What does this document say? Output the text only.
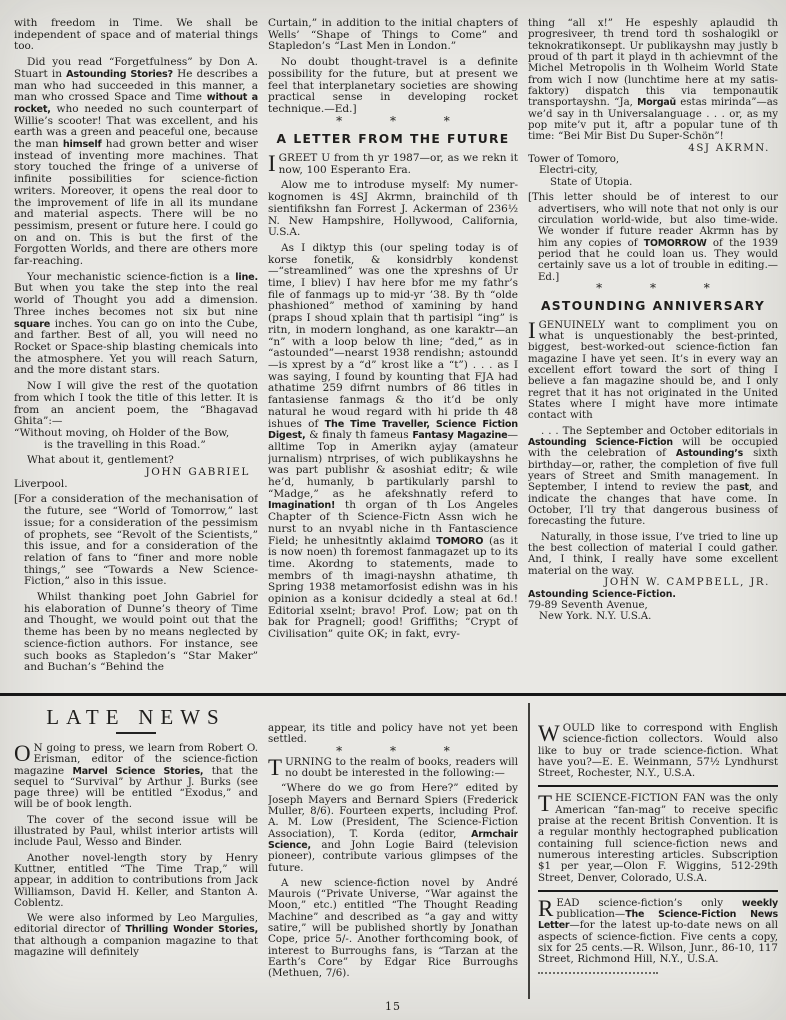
with freedom in Time. We shall be independent of space and of material things too.

Did you read “Forgetfulness” by Don A. Stuart in Astounding Stories? He describes a man who had succeeded in this manner, a man who crossed Space and Time without a rocket, who needed no such counterpart of Willie’s scooter! That was excellent, and his earth was a green and peaceful one, because the man himself had grown better and wiser instead of inventing more machines. That story touched the fringe of a universe of infinite possibilities for science-fiction writers. Moreover, it opens the real door to the improvement of life in all its mundane and material aspects. There will be no pessimism, present or future here. I could go on and on. This is but the first of the Forgotten Worlds, and there are others more far-reaching.

Your mechanistic science-fiction is a line. But when you take the step into the real world of Thought you add a dimension. Three inches becomes not six but nine square inches. You can go on into the Cube, and farther. Best of all, you will need no Rocket or Space-ship blasting chemicals into the atmosphere. Yet you will reach Saturn, and the more distant stars.

Now I will give the rest of the quotation from which I took the title of this letter. It is from an ancient poem, the “Bhagavad Ghita”:—

“Without moving, oh Holder of the Bow,

is the travelling in this Road.”

What about it, gentlement?

JOHN GABRIEL

Liverpool.

[For a consideration of the mechanisation of the future, see “World of Tomorrow,” last issue; for a consideration of the pessimism of prophets, see “Revolt of the Scientists,” this issue, and for a consideration of the relation of fans to “finer and more noble things,” see “Towards a New Science-Fiction,” also in this issue.

Whilst thanking poet John Gabriel for his elaboration of Dunne’s theory of Time and Thought, we would point out that the theme has been by no means neglected by science-fiction authors. For instance, see such books as Stapledon’s “Star Maker” and Buchan’s “Behind the

Curtain,” in addition to the initial chapters of Wells’ “Shape of Things to Come” and Stapledon’s “Last Men in London.”

No doubt thought-travel is a definite possibility for the future, but at present we feel that interplanetary societies are showing practical sense in developing rocket technique.—Ed.]

* * *

A LETTER FROM THE FUTURE

IGREET U from th yr 1987—or, as we rekn it now, 100 Esperanto Era.

Alow me to introduse myself: My numer-kognomen is 4SJ Akrmn, brainchild of th sientifikshn fan Forrest J. Ackerman of 236½ N. New Hampshire, Hollywood, California, U.S.A.

As I diktyp this (our speling today is of korse fonetik, & konsidrbly kondenst—“streamlined” was one the xpreshns of Ur time, I bliev) I hav here bfor me my fathr’s file of fanmags up to mid-yr ’38. By th “olde phashioned” method of xamining by hand (praps I shoud xplain that th partisipl “ing” is ritn, in modern longhand, as one karaktr—an “n” with a loop below th line; “ded,” as in “astounded”—nearst 1938 rendishn; astoundd—is xprest by a “d” krost like a “t”) . . . as I was saying, I found by kounting that FJA had athatime 259 difrnt numbrs of 86 titles in fantasiense fanmags & tho it’d be only natural he woud regard with hi pride th 48 ishues of The Time Traveller, Science Fiction Digest, & finaly th fameus Fantasy Magazine—alltime Top in Amerikn ayjay (amateur jurnalism) ntrprises, of wich publikayshns he was part publishr & asoshiat editr; & wile he’d, humanly, b partikularly parshl to “Madge,” as he afekshnatly referd to Imagination! th organ of th Los Angeles Chapter of th Science-Fictn Assn wich he nurst to an nvyabl niche in th Fantascience Field; he unhesitntly aklaimd TOMORO (as it is now noen) th foremost fanmagazet up to its time. Akordng to statements, made to membrs of th imagi-nayshn athatime, th Spring 1938 metamorfosist edishn was in his opinion as a konisur dcidedly a steal at 6d.! Editorial xselnt; bravo! Prof. Low; pat on th bak for Pragnell; good! Griffiths; “Crypt of Civilisation” quite OK; in fakt, evry-

thing “all x!” He espeshly aplaudid th progresiveer, th trend tord th soshalogikl or teknokratikonsept. Ur publikayshn may justly b proud of th part it playd in th achievmnt of the Michel Metropolis in th Wolheim World State from wich I now (lunchtime here at my satis-faktory) dispatch this via temponautik transportayshn. “Ja, Morgaŭ estas mirinda”—as we’d say in th Universalanguage . . . or, as my pop mite’v put it, aftr a popular tune of th time: “Bei Mir Bist Du Super-Schön”!

4SJ AKRMN.

Tower of Tomoro,

Electri-city,

State of Utopia.

[This letter should be of interest to our advertisers, who will note that not only is our circulation world-wide, but also time-wide. We wonder if future reader Akrmn has by him any copies of TOMORROW of the 1939 period that he could loan us. They would certainly save us a lot of trouble in editing.—Ed.]

* * *

ASTOUNDING ANNIVERSARY

IGENUINELY want to compliment you on what is unquestionably the best-printed, biggest, best-worked-out science-fiction fan magazine I have yet seen. It’s in every way an excellent effort toward the sort of thing I believe a fan magazine should be, and I only regret that it has not originated in the United States where I might have more intimate contact with

. . . The September and October editorials in Astounding Science-Fiction will be occupied with the celebration of Astounding’s sixth birthday—or, rather, the completion of five full years of Street and Smith management. In September, I intend to review the past, and indicate the changes that have come. In October, I’ll try that dangerous business of forecasting the future.

Naturally, in those issue, I’ve tried to line up the best collection of material I could gather. And, I think, I really have some excellent material on the way.

JOHN W. CAMPBELL, JR.

Astounding Science-Fiction.

79-89 Seventh Avenue,

New York. N.Y. U.S.A.

LATE NEWS

O N going to press, we learn from Robert O. Erisman, editor of the science-fiction magazine Marvel Science Stories, that the sequel to “Survival” by Arthur J. Burks (see page three) will be entitled “Exodus,” and will be of book length.

The cover of the second issue will be illustrated by Paul, whilst interior artists will include Paul, Wesso and Binder.

Another novel-length story by Henry Kuttner, entitled “The Time Trap,” will appear, in addition to contributions from Jack Williamson, David H. Keller, and Stanton A. Coblentz.

We were also informed by Leo Margulies, editorial director of Thrilling Wonder Stories, that although a companion magazine to that magazine will definitely

appear, its title and policy have not yet been settled.

* * *

TURNING to the realm of books, readers will no doubt be interested in the following:—

“Where do we go from Here?” edited by Joseph Mayers and Bernard Spiers (Frederick Muller, 8/6). Fourteen experts, including Prof. A. M. Low (President, The Science-Fiction Association), T. Korda (editor, Armchair Science, and John Logie Baird (television pioneer), contribute various glimpses of the future.

A new science-fiction novel by André Maurois (“Private Universe, “War against the Moon,” etc.) entitled “The Thought Reading Machine” and described as “a gay and witty satire,” will be published shortly by Jonathan Cope, price 5/-. Another forthcoming book, of interest to Burroughs fans, is “Tarzan at the Earth’s Core” by Edgar Rice Burroughs (Methuen, 7/6).

WOULD like to correspond with English science-fiction collectors. Would also like to buy or trade science-fiction. What have you?—E. E. Weinmann, 57½ Lyndhurst Street, Rochester, N.Y., U.S.A.

THE SCIENCE-FICTION FAN was the only American “fan-mag” to receive specific praise at the recent British Convention. It is a regular monthly hectographed publication containing full science-fiction news and numerous interesting articles. Subscription $1 per year,—Olon F. Wiggins, 512-29th Street, Denver, Colorado, U.S.A.

READ science-fiction’s only weekly publication—The Science-Fiction News Letter—for the latest up-to-date news on all aspects of science-fiction. Five cents a copy, six for 25 cents.—R. Wilson, Junr., 86-10, 117 Street, Richmond Hill, N.Y., U.S.A.

15
